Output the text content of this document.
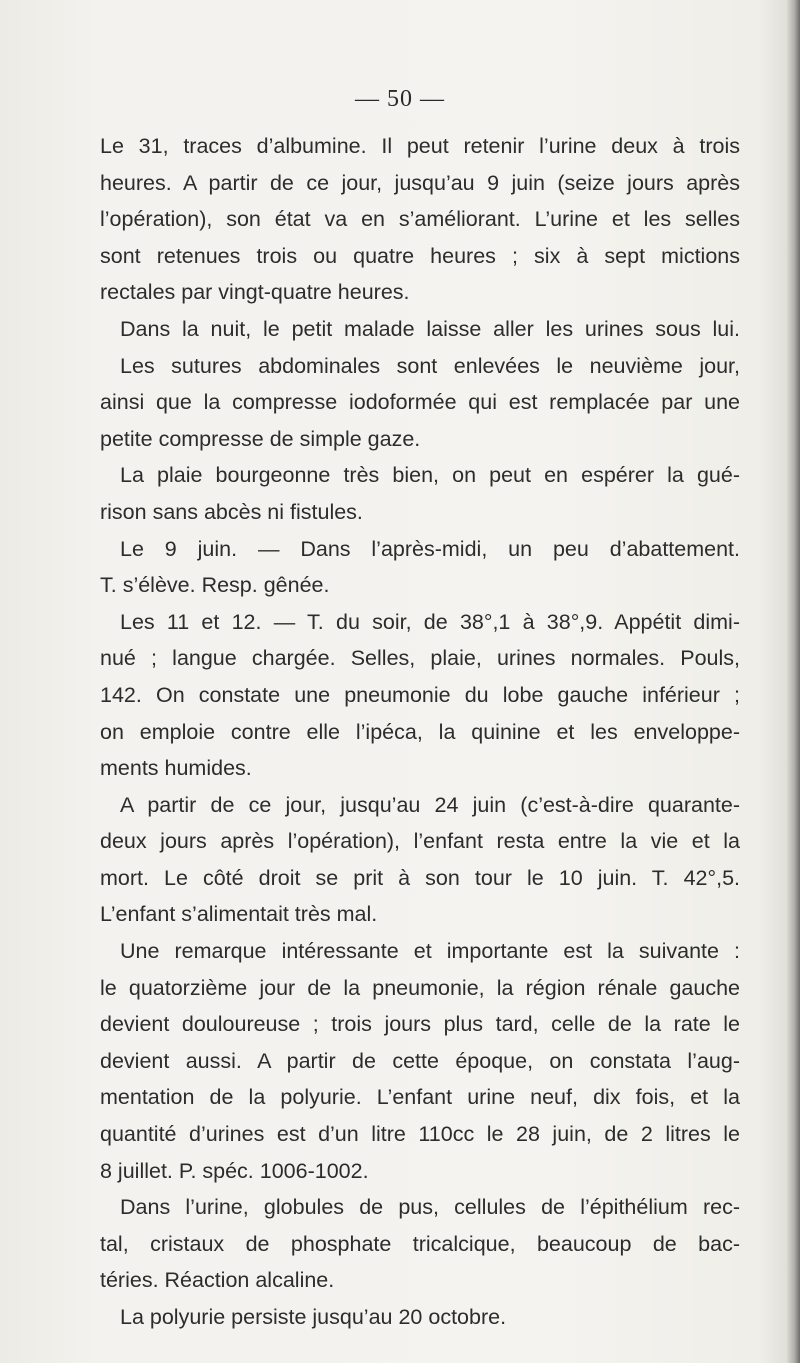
— 50 —
Le 31, traces d’albumine. Il peut retenir l’urine deux à trois
heures. A partir de ce jour, jusqu’au 9 juin (seize jours après
l’opération), son état va en s’améliorant. L’urine et les selles
sont retenues trois ou quatre heures ; six à sept mictions
rectales par vingt-quatre heures.
Dans la nuit, le petit malade laisse aller les urines sous lui.
Les sutures abdominales sont enlevées le neuvième jour,
ainsi que la compresse iodoformée qui est remplacée par une
petite compresse de simple gaze.
La plaie bourgeonne très bien, on peut en espérer la gué-
rison sans abcès ni fistules.
Le 9 juin. — Dans l’après-midi, un peu d’abattement.
T. s’élève. Resp. gênée.
Les 11 et 12. — T. du soir, de 38°,1 à 38°,9. Appétit dimi-
nué ; langue chargée. Selles, plaie, urines normales. Pouls,
142. On constate une pneumonie du lobe gauche inférieur ;
on emploie contre elle l’ipéca, la quinine et les enveloppe-
ments humides.
A partir de ce jour, jusqu’au 24 juin (c’est-à-dire quarante-
deux jours après l’opération), l’enfant resta entre la vie et la
mort. Le côté droit se prit à son tour le 10 juin. T. 42°,5.
L’enfant s’alimentait très mal.
Une remarque intéressante et importante est la suivante :
le quatorzième jour de la pneumonie, la région rénale gauche
devient douloureuse ; trois jours plus tard, celle de la rate le
devient aussi. A partir de cette époque, on constata l’aug-
mentation de la polyurie. L’enfant urine neuf, dix fois, et la
quantité d’urines est d’un litre 110cc le 28 juin, de 2 litres le
8 juillet. P. spéc. 1006-1002.
Dans l’urine, globules de pus, cellules de l’épithélium rec-
tal, cristaux de phosphate tricalcique, beaucoup de bac-
téries. Réaction alcaline.
La polyurie persiste jusqu’au 20 octobre.
